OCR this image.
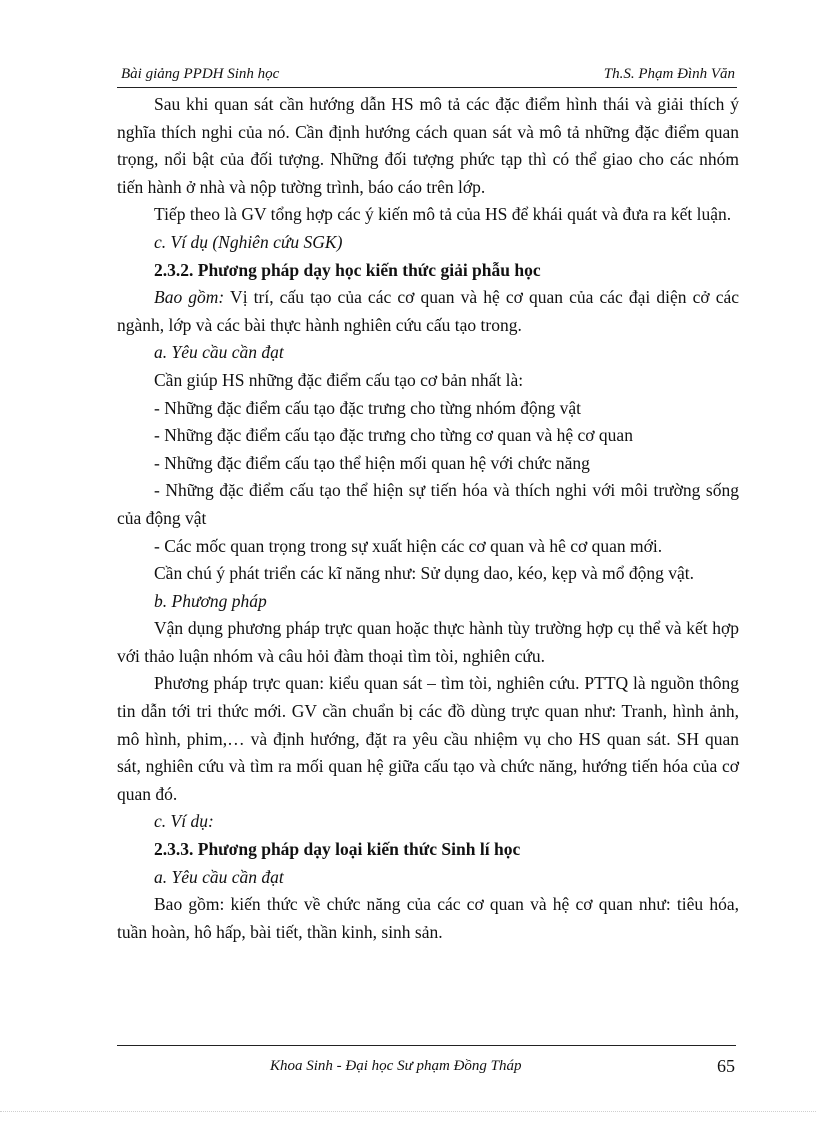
Bài giảng PPDH Sinh học	Th.S. Phạm Đình Văn

Sau khi quan sát cần hướng dẫn HS mô tả các đặc điểm hình thái và giải thích ý nghĩa thích nghi của nó. Cần định hướng cách quan sát và mô tả những đặc điểm quan trọng, nổi bật của đối tượng. Những đối tượng phức tạp thì có thể giao cho các nhóm tiến hành ở nhà và nộp tường trình, báo cáo trên lớp.

Tiếp theo là GV tổng hợp các ý kiến mô tả của HS để khái quát và đưa ra kết luận.

c. Ví dụ (Nghiên cứu SGK)

2.3.2. Phương pháp dạy học kiến thức giải phẫu học

Bao gồm: Vị trí, cấu tạo của các cơ quan và hệ cơ quan của các đại diện cở các ngành, lớp và các bài thực hành nghiên cứu cấu tạo trong.

a. Yêu cầu cần đạt

Cần giúp HS những đặc điểm cấu tạo cơ bản nhất là:

- Những đặc điểm cấu tạo đặc trưng cho từng nhóm động vật

- Những đặc điểm cấu tạo đặc trưng cho từng cơ quan và hệ cơ quan

- Những đặc điểm cấu tạo thể hiện mối quan hệ với chức năng

- Những đặc điểm cấu tạo thể hiện sự tiến hóa và thích nghi với môi trường sống của động vật

- Các mốc quan trọng trong sự xuất hiện các cơ quan và hê cơ quan mới.

Cần chú ý phát triển các kĩ năng như: Sử dụng dao, kéo, kẹp và mổ động vật.

b. Phương pháp

Vận dụng phương pháp trực quan hoặc thực hành tùy trường hợp cụ thể và kết hợp với thảo luận nhóm và câu hỏi đàm thoại tìm tòi, nghiên cứu.

Phương pháp trực quan: kiểu quan sát – tìm tòi, nghiên cứu. PTTQ là nguồn thông tin dẫn tới tri thức mới. GV cần chuẩn bị các đồ dùng trực quan như: Tranh, hình ảnh, mô hình, phim,… và định hướng, đặt ra yêu cầu nhiệm vụ cho HS quan sát. SH quan sát, nghiên cứu và tìm ra mối quan hệ giữa cấu tạo và chức năng, hướng tiến hóa của cơ quan đó.

c. Ví dụ:

2.3.3. Phương pháp dạy loại kiến thức Sinh lí học

a. Yêu cầu cần đạt

Bao gồm: kiến thức về chức năng của các cơ quan và hệ cơ quan như: tiêu hóa, tuần hoàn, hô hấp, bài tiết, thần kinh, sinh sản.

Khoa Sinh - Đại học Sư phạm Đồng Tháp	65
